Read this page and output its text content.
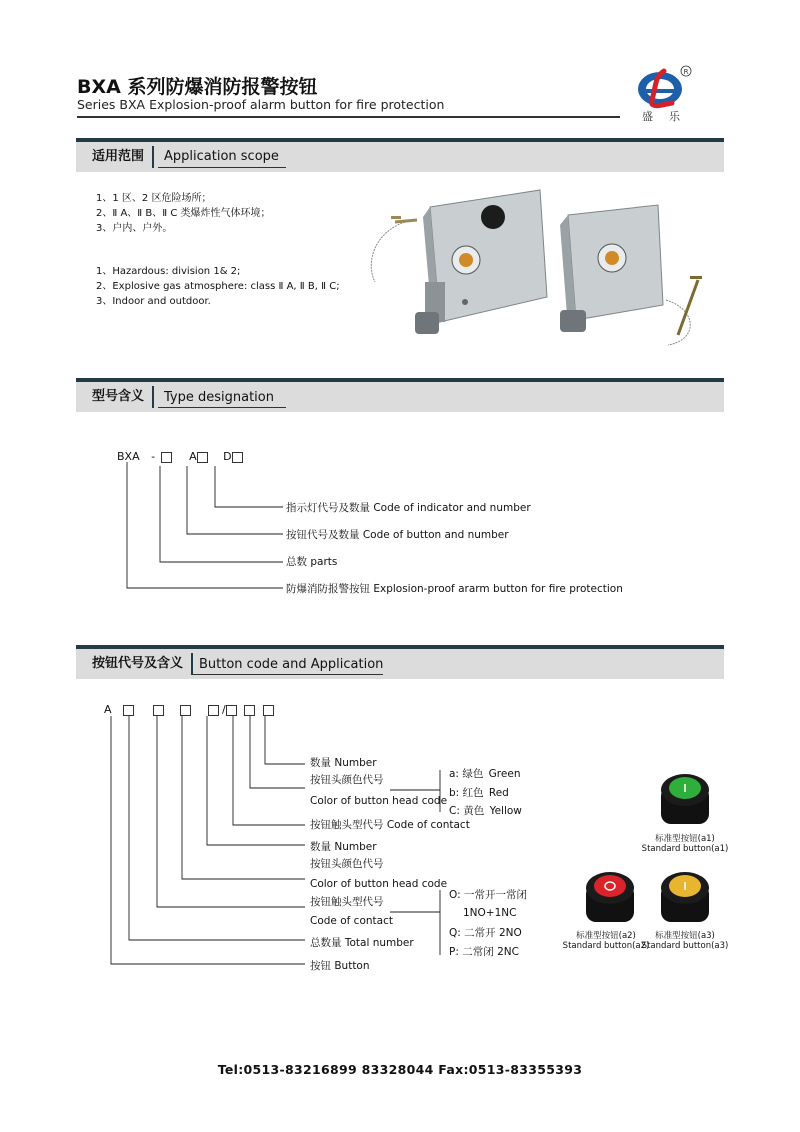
BXA 系列防爆消防报警按钮
Series BXA Explosion-proof alarm button for fire protection
R
盛乐
适用范围	Application scope
1、1 区、2 区危险场所；
2、Ⅱ A、Ⅱ B、Ⅱ C 类爆炸性气体环境；
3、户内、户外。
1、Hazardous: division 1& 2;
2、Explosive gas atmosphere: class Ⅱ A, Ⅱ B, Ⅱ C;
3、Indoor and outdoor.
型号含义	Type designation
BXA -	A D
指示灯代号及数量 Code of indicator and number
按钮代号及数量 Code of button and number
总数 parts
防爆消防报警按钮 Explosion-proof ararm button for fire protection
按钮代号及含义	Button code and Application
A	/
数量 Number
按钮头颜色代号
Color of button head code
按钮触头型代号 Code of contact
数量 Number
按钮头颜色代号
Color of button head code
按钮触头型代号
Code of contact
总数量 Total number
按钮 Button
a: 绿色 Green
b: 红色 Red
C: 黄色 Yellow
O: 一常开一常闭
1NO+1NC
Q: 二常开 2NO
P: 二常闭 2NC
标准型按钮(a1)
Standard button(a1)
标准型按钮(a2)
Standard button(a2)
标准型按钮(a3)
Standard button(a3)
Tel:0513-83216899 83328044 Fax:0513-83355393
